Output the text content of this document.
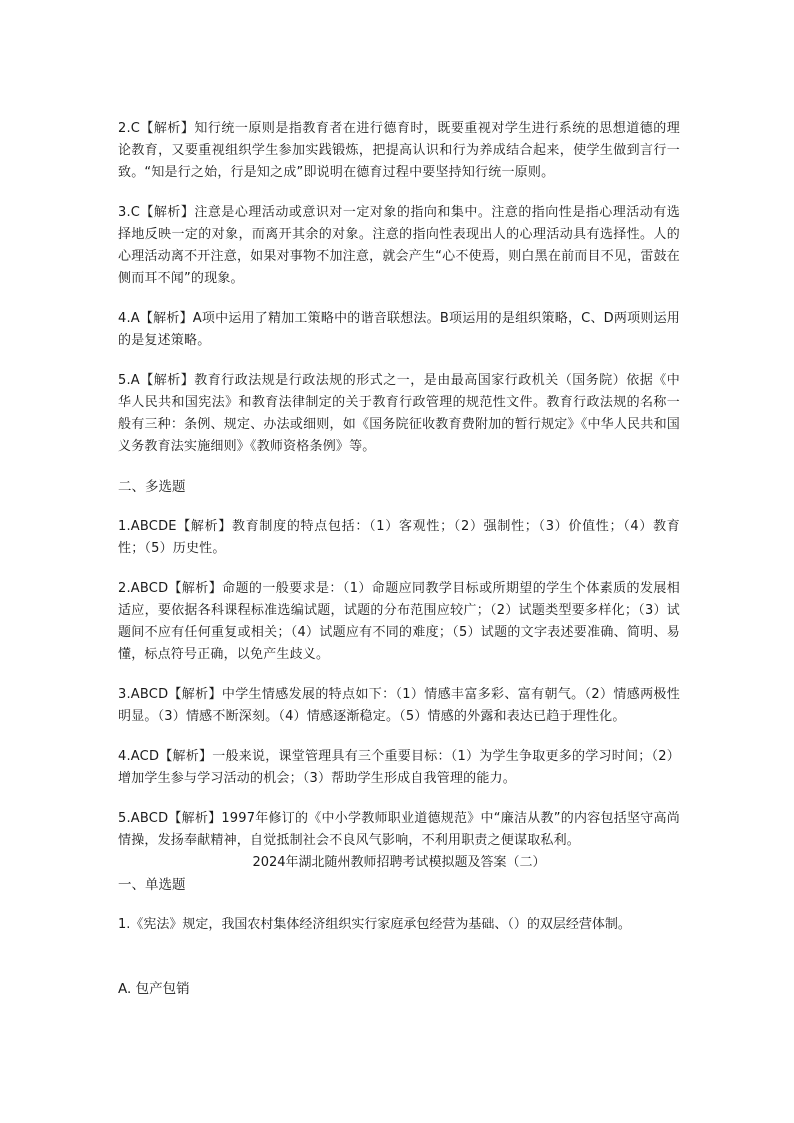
2.C【解析】知行统一原则是指教育者在进行德育时，既要重视对学生进行系统的思想道德的理论教育，又要重视组织学生参加实践锻炼，把提高认识和行为养成结合起来，使学生做到言行一致。“知是行之始，行是知之成”即说明在德育过程中要坚持知行统一原则。

3.C【解析】注意是心理活动或意识对一定对象的指向和集中。注意的指向性是指心理活动有选择地反映一定的对象，而离开其余的对象。注意的指向性表现出人的心理活动具有选择性。人的心理活动离不开注意，如果对事物不加注意，就会产生“心不使焉，则白黑在前而目不见，雷鼓在侧而耳不闻”的现象。

4.A【解析】A项中运用了精加工策略中的谐音联想法。B项运用的是组织策略，C、D两项则运用的是复述策略。

5.A【解析】教育行政法规是行政法规的形式之一，是由最高国家行政机关（国务院）依据《中华人民共和国宪法》和教育法律制定的关于教育行政管理的规范性文件。教育行政法规的名称一般有三种：条例、规定、办法或细则，如《国务院征收教育费附加的暂行规定》《中华人民共和国义务教育法实施细则》《教师资格条例》等。

二、多选题

1.ABCDE【解析】教育制度的特点包括：（1）客观性；（2）强制性；（3）价值性；（4）教育性；（5）历史性。

2.ABCD【解析】命题的一般要求是：（1）命题应同教学目标或所期望的学生个体素质的发展相适应，要依据各科课程标准选编试题，试题的分布范围应较广；（2）试题类型要多样化；（3）试题间不应有任何重复或相关；（4）试题应有不同的难度；（5）试题的文字表述要准确、简明、易懂，标点符号正确，以免产生歧义。

3.ABCD【解析】中学生情感发展的特点如下：（1）情感丰富多彩、富有朝气。（2）情感两极性明显。（3）情感不断深刻。（4）情感逐渐稳定。（5）情感的外露和表达已趋于理性化。

4.ACD【解析】一般来说，课堂管理具有三个重要目标：（1）为学生争取更多的学习时间；（2）增加学生参与学习活动的机会；（3）帮助学生形成自我管理的能力。

5.ABCD【解析】1997年修订的《中小学教师职业道德规范》中“廉洁从教”的内容包括坚守高尚情操，发扬奉献精神，自觉抵制社会不良风气影响，不利用职责之便谋取私利。

2024年湖北随州教师招聘考试模拟题及答案（二）

一、单选题

1.《宪法》规定，我国农村集体经济组织实行家庭承包经营为基础、（）的双层经营体制。

A. 包产包销
